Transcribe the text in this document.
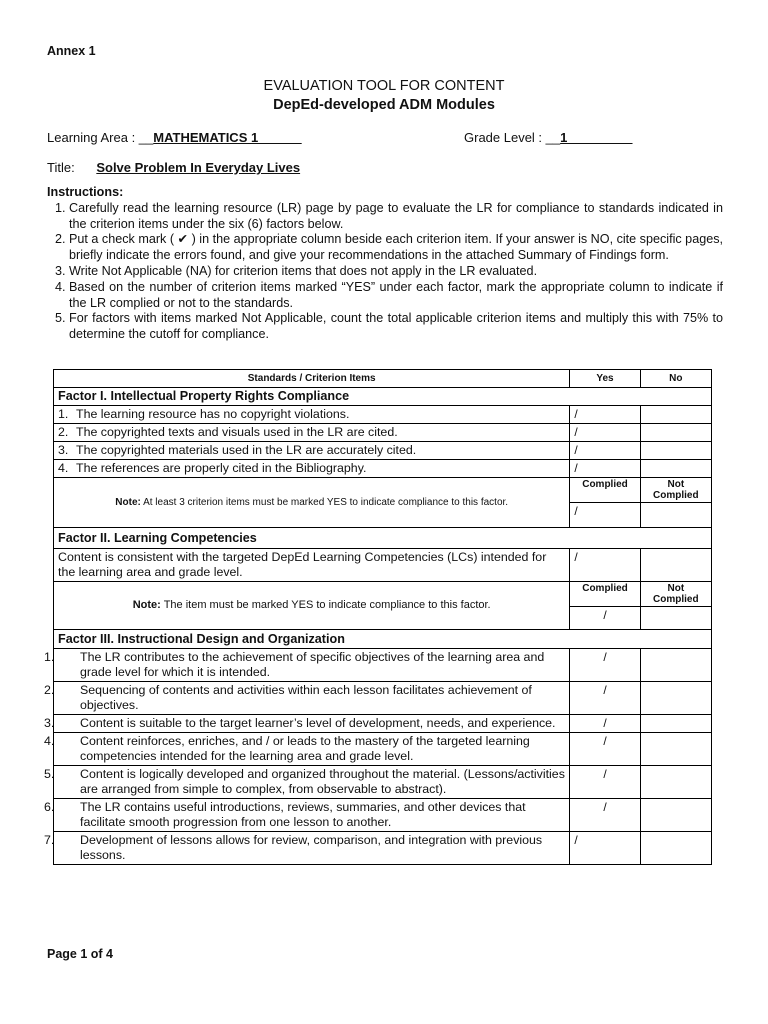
Annex 1
EVALUATION TOOL FOR CONTENT
DepEd-developed ADM Modules
Learning Area : __MATHEMATICS 1______	Grade Level : __1_________
Title: Solve Problem In Everyday Lives
Instructions:
1. Carefully read the learning resource (LR) page by page to evaluate the LR for compliance to standards indicated in the criterion items under the six (6) factors below.
2. Put a check mark ( ✔ ) in the appropriate column beside each criterion item. If your answer is NO, cite specific pages, briefly indicate the errors found, and give your recommendations in the attached Summary of Findings form.
3. Write Not Applicable (NA) for criterion items that does not apply in the LR evaluated.
4. Based on the number of criterion items marked “YES” under each factor, mark the appropriate column to indicate if the LR complied or not to the standards.
5. For factors with items marked Not Applicable, count the total applicable criterion items and multiply this with 75% to determine the cutoff for compliance.
Standards / Criterion Items	Yes	No
Factor I. Intellectual Property Rights Compliance		
1. The learning resource has no copyright violations.	/	
2. The copyrighted texts and visuals used in the LR are cited.	/	
3. The copyrighted materials used in the LR are accurately cited.	/	
4. The references are properly cited in the Bibliography.	/	
Note: At least 3 criterion items must be marked YES to indicate compliance to this factor.	Complied	Not Complied
	/	
Factor II. Learning Competencies		
Content is consistent with the targeted DepEd Learning Competencies (LCs) intended for the learning area and grade level.	/	
Note: The item must be marked YES to indicate compliance to this factor.	Complied	Not Complied
	/	
Factor III. Instructional Design and Organization		

1. The LR contributes to the achievement of specific objectives of the learning area and grade level for which it is intended.	/	

2. Sequencing of contents and activities within each lesson facilitates achievement of objectives.	/	

3. Content is suitable to the target learner’s level of development, needs, and experience.	/	

4. Content reinforces, enriches, and / or leads to the mastery of the targeted learning competencies intended for the learning area and grade level.	/	

5. Content is logically developed and organized throughout the material. (Lessons/activities are arranged from simple to complex, from observable to abstract).	/	

6. The LR contains useful introductions, reviews, summaries, and other devices that facilitate smooth progression from one lesson to another.	/	

7. Development of lessons allows for review, comparison, and integration with previous lessons.	/	
Page 1 of 4
